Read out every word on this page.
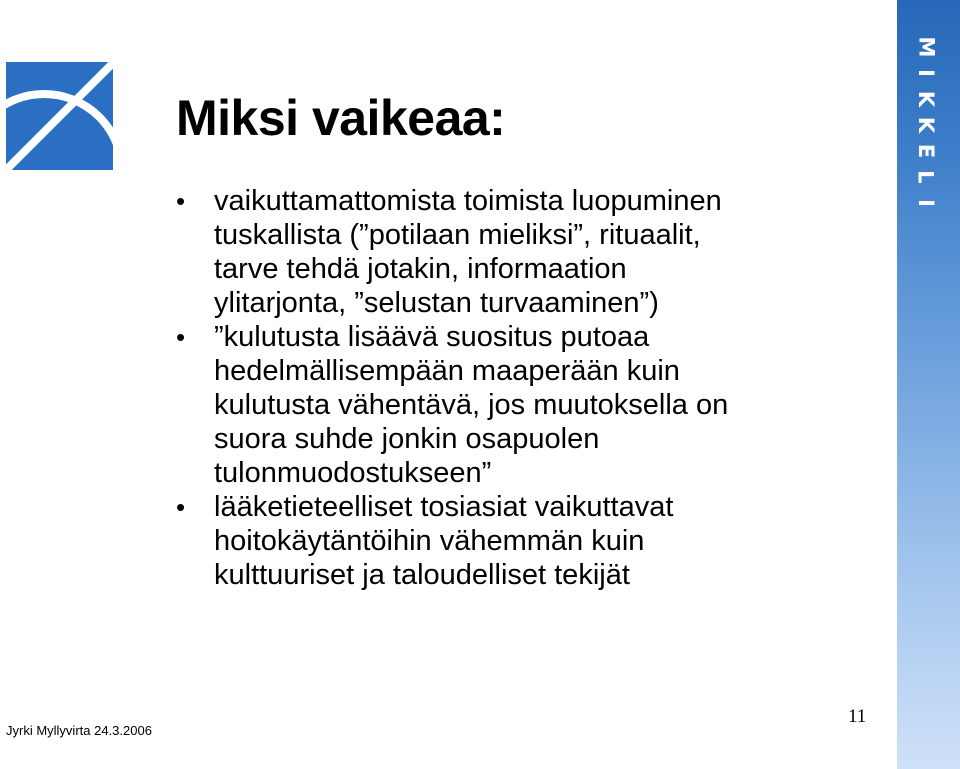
M
I
K
K
E
L
I
Miksi vaikeaa:
• vaikuttamattomista toimista luopuminen
tuskallista (”potilaan mieliksi”, rituaalit,
tarve tehdä jotakin, informaation
ylitarjonta, ”selustan turvaaminen”)
• ”kulutusta lisäävä suositus putoaa
hedelmällisempään maaperään kuin
kulutusta vähentävä, jos muutoksella on
suora suhde jonkin osapuolen
tulonmuodostukseen”
• lääketieteelliset tosiasiat vaikuttavat
hoitokäytäntöihin vähemmän kuin
kulttuuriset ja taloudelliset tekijät
Jyrki Myllyvirta 24.3.2006
11
